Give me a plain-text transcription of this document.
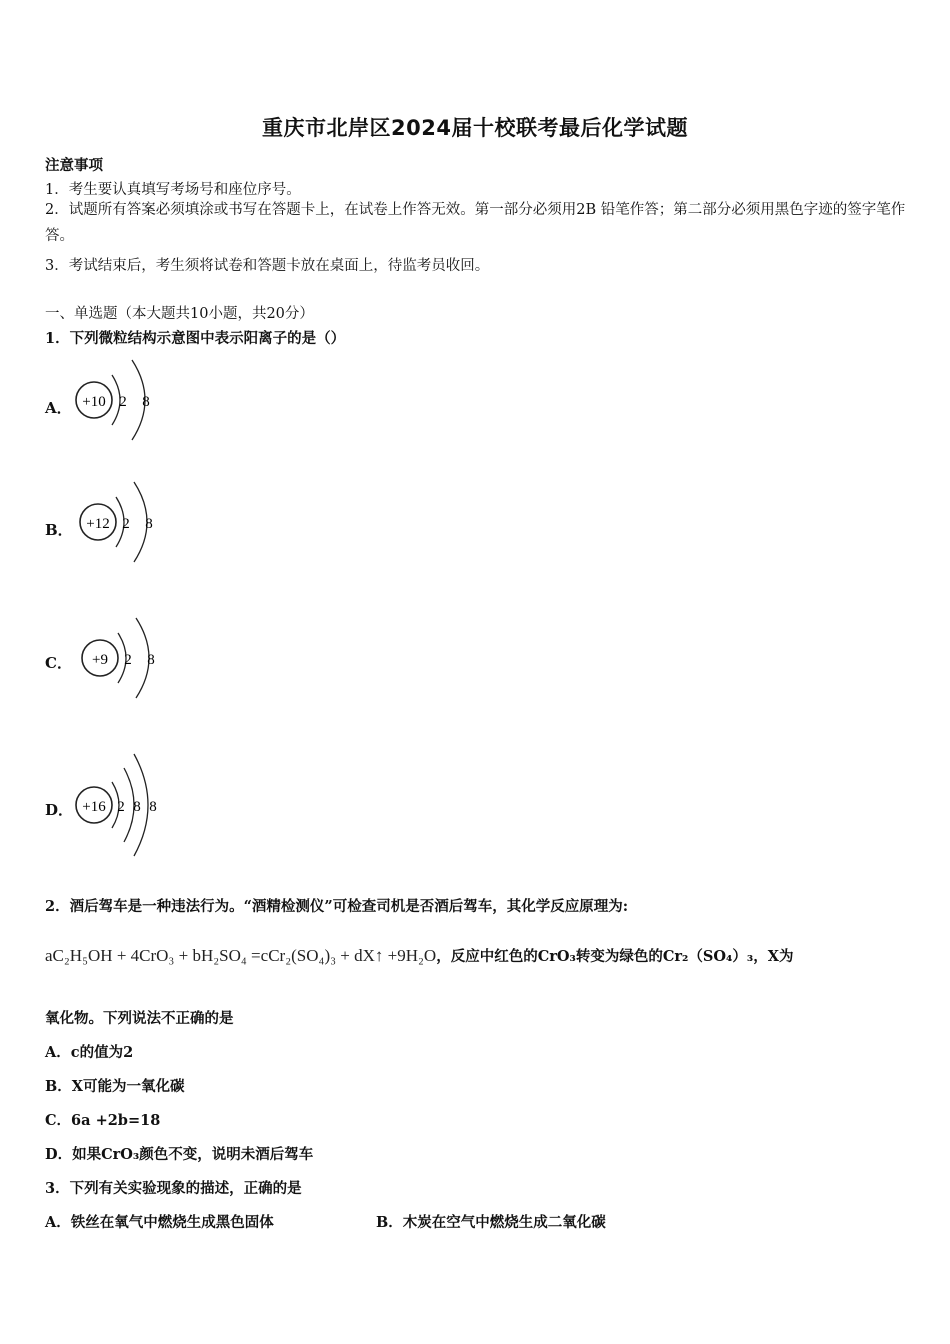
重庆市北岸区2024届十校联考最后化学试题
注意事项
1．考生要认真填写考场号和座位序号。
2．试题所有答案必须填涂或书写在答题卡上，在试卷上作答无效。第一部分必须用2B 铅笔作答；第二部分必须用黑色字迹的签字笔作答。
3．考试结束后，考生须将试卷和答题卡放在桌面上，待监考员收回。
一、单选题（本大题共10小题，共20分）
1．下列微粒结构示意图中表示阳离子的是（）
A． +10 2 8
B． +12 2 8
C． +9 2 8
D． +16 2 8 8
2．酒后驾车是一种违法行为。“酒精检测仪”可检查司机是否酒后驾车，其化学反应原理为:
aC₂H₅OH + 4CrO₃ + bH₂SO₄ =cCr₂(SO₄)₃ + dX↑ +9H₂O，反应中红色的CrO₃转变为绿色的Cr₂（SO₄）₃，X为
氧化物。下列说法不正确的是
A．c的值为2
B．X可能为一氧化碳
C．6a +2b=18
D．如果CrO₃颜色不变，说明未酒后驾车
3．下列有关实验现象的描述，正确的是
A．铁丝在氧气中燃烧生成黑色固体	B．木炭在空气中燃烧生成二氧化碳
